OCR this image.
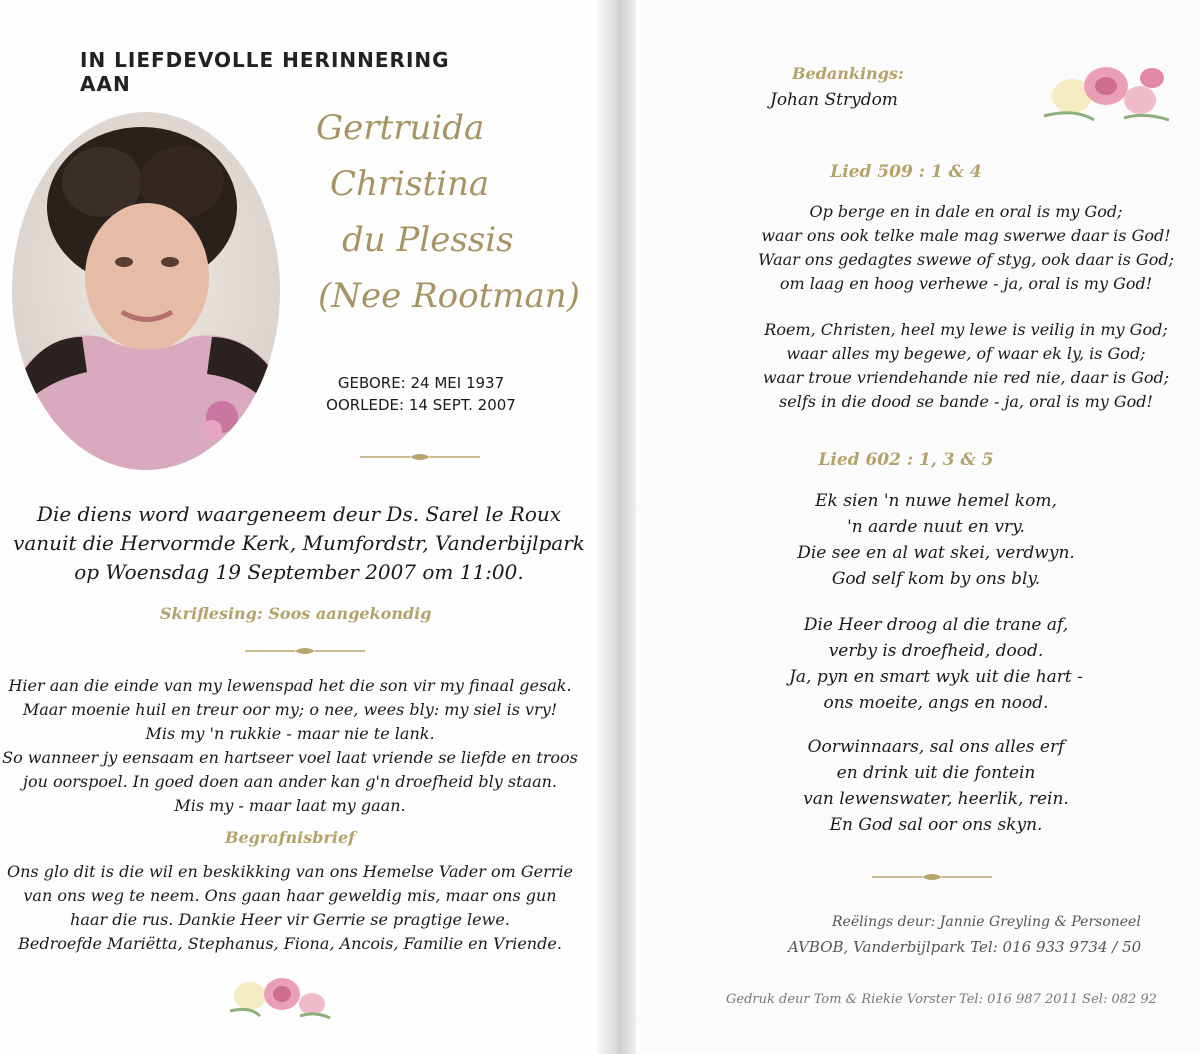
IN LIEFDEVOLLE HERINNERING AAN
Gertruida
Christina
du Plessis
(Nee Rootman)
GEBORE: 24 MEI 1937
OORLEDE: 14 SEPT. 2007
Die diens word waargeneem deur Ds. Sarel le Roux
vanuit die Hervormde Kerk, Mumfordstr, Vanderbijlpark
op Woensdag 19 September 2007 om 11:00.
Skriflesing: Soos aangekondig
Hier aan die einde van my lewenspad het die son vir my finaal gesak.
Maar moenie huil en treur oor my; o nee, wees bly: my siel is vry!
Mis my 'n rukkie - maar nie te lank.
So wanneer jy eensaam en hartseer voel laat vriende se liefde en troos
jou oorspoel. In goed doen aan ander kan g'n droefheid bly staan.
Mis my - maar laat my gaan.
Begrafnisbrief
Ons glo dit is die wil en beskikking van ons Hemelse Vader om Gerrie
van ons weg te neem. Ons gaan haar geweldig mis, maar ons gun
haar die rus. Dankie Heer vir Gerrie se pragtige lewe.
Bedroefde Mariëtta, Stephanus, Fiona, Ancois, Familie en Vriende.
Bedankings:
Johan Strydom
Lied 509 : 1 & 4
Op berge en in dale en oral is my God;
waar ons ook telke male mag swerwe daar is God!
Waar ons gedagtes swewe of styg, ook daar is God;
om laag en hoog verhewe - ja, oral is my God!
Roem, Christen, heel my lewe is veilig in my God;
waar alles my begewe, of waar ek ly, is God;
waar troue vriendehande nie red nie, daar is God;
selfs in die dood se bande - ja, oral is my God!
Lied 602 : 1, 3 & 5
Ek sien 'n nuwe hemel kom,
'n aarde nuut en vry.
Die see en al wat skei, verdwyn.
God self kom by ons bly.
Die Heer droog al die trane af,
verby is droefheid, dood.
Ja, pyn en smart wyk uit die hart -
ons moeite, angs en nood.
Oorwinnaars, sal ons alles erf
en drink uit die fontein
van lewenswater, heerlik, rein.
En God sal oor ons skyn.
Reëlings deur: Jannie Greyling & Personeel
AVBOB, Vanderbijlpark Tel: 016 933 9734 / 50
Gedruk deur Tom & Riekie Vorster Tel: 016 987 2011 Sel: 082 92
